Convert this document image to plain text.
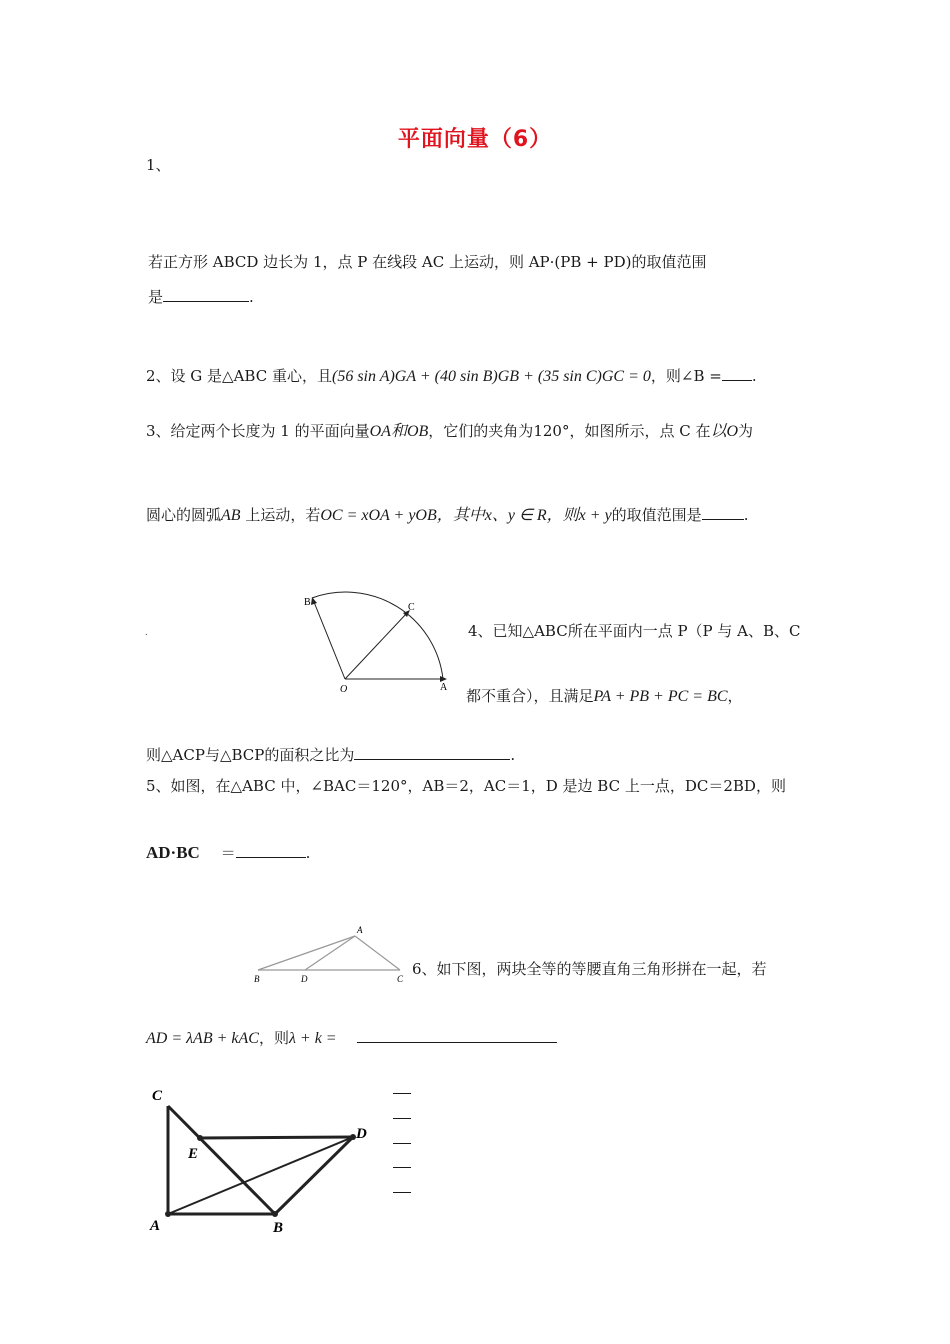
平面向量（6）
1、
若正方形 ABCD 边长为 1，点 P 在线段 AC 上运动，则 AP·(PB + PD)的取值范围
是	.
2、设 G 是△ABC 重心，且(56 sin A)GA + (40 sin B)GB + (35 sin C)GC = 0，则∠B = .
3、给定两个长度为 1 的平面向量OA和OB，它们的夹角为120°，如图所示，点 C 在以O为
圆心的圆弧AB 上运动，若OC = xOA + yOB，其中x、y ∈ R，则x + y的取值范围是	.
B	C
O	A
.	4、已知△ABC所在平面内一点 P（P 与 A、B、C
都不重合），且满足PA + PB + PC = BC，
则△ACP与△BCP的面积之比为	.
5、如图，在△ABC 中，∠BAC＝120°，AB＝2，AC＝1，D 是边 BC 上一点，DC＝2BD，则
AD·BC ＝	.
A
B	D	C
6、如下图，两块全等的等腰直角三角形拼在一起，若
AD = λAB + kAC，则λ + k =
C
E
D
A	B
